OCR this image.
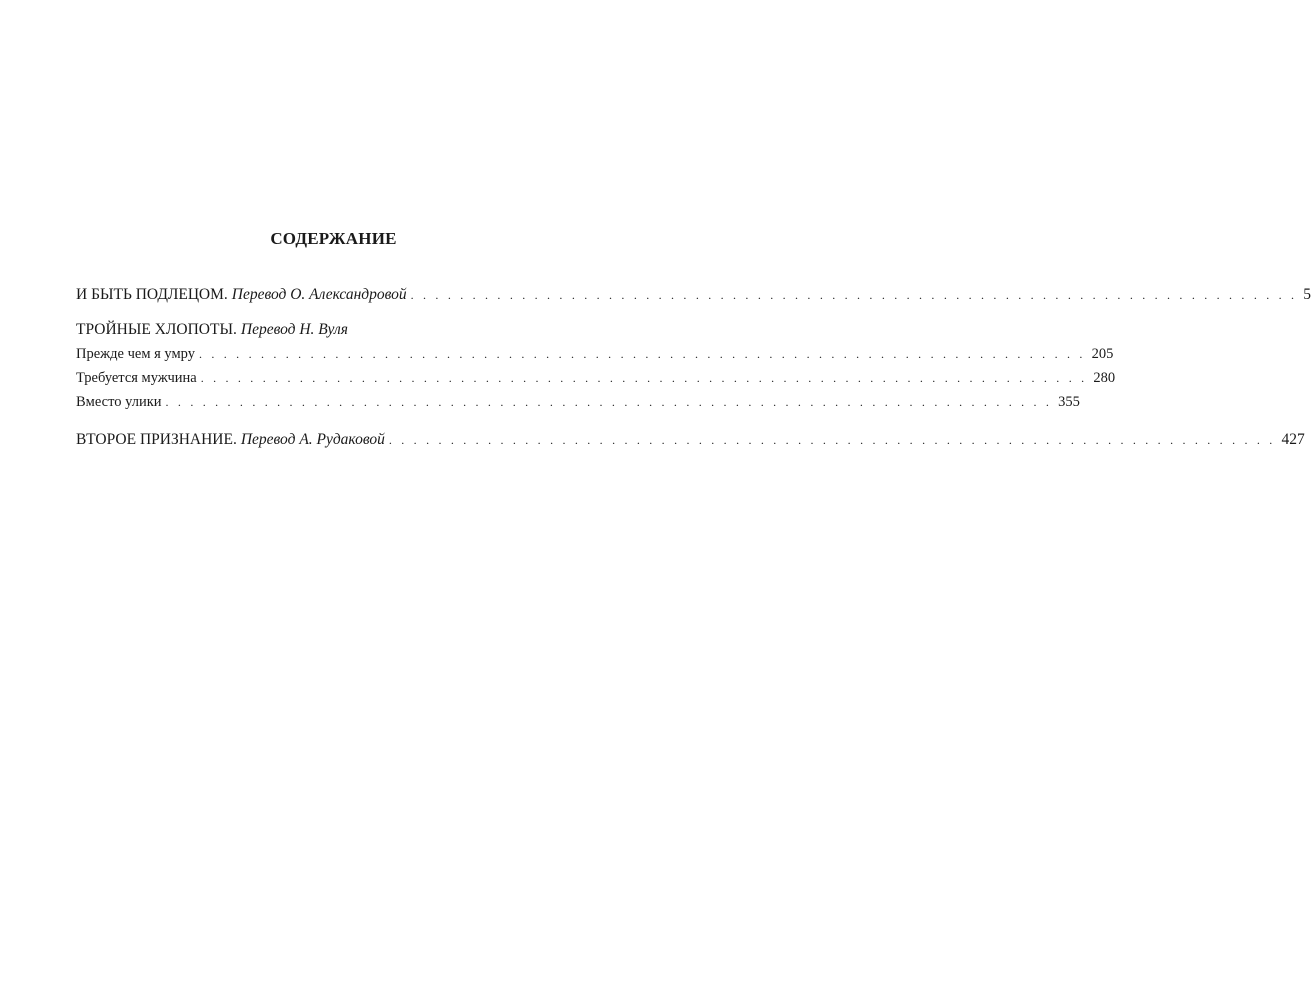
СОДЕРЖАНИЕ
И БЫТЬ ПОДЛЕЦОМ. Перевод О. Александровой . . . . . . . . . . . . . . . . . . . . . . . . . . . . . . . . . . . . . . . . . . . . . . . . . . . . . . . . . . . . . . . . . . . . . . . . 5
ТРОЙНЫЕ ХЛОПОТЫ. Перевод Н. Вуля
Прежде чем я умру . . . . . . . . . . . . . . . . . . . . . . . . . . . . . . . . . . . . . . . . . . . . . . . . . . . . . . . . . . . . . . . . . . . . . . . . 205
Требуется мужчина . . . . . . . . . . . . . . . . . . . . . . . . . . . . . . . . . . . . . . . . . . . . . . . . . . . . . . . . . . . . . . . . . . . . . . . . 280
Вместо улики . . . . . . . . . . . . . . . . . . . . . . . . . . . . . . . . . . . . . . . . . . . . . . . . . . . . . . . . . . . . . . . . . . . . . . . . 355
ВТОРОЕ ПРИЗНАНИЕ. Перевод А. Рудаковой . . . . . . . . . . . . . . . . . . . . . . . . . . . . . . . . . . . . . . . . . . . . . . . . . . . . . . . . . . . . . . . . . . . . . . . . 427
